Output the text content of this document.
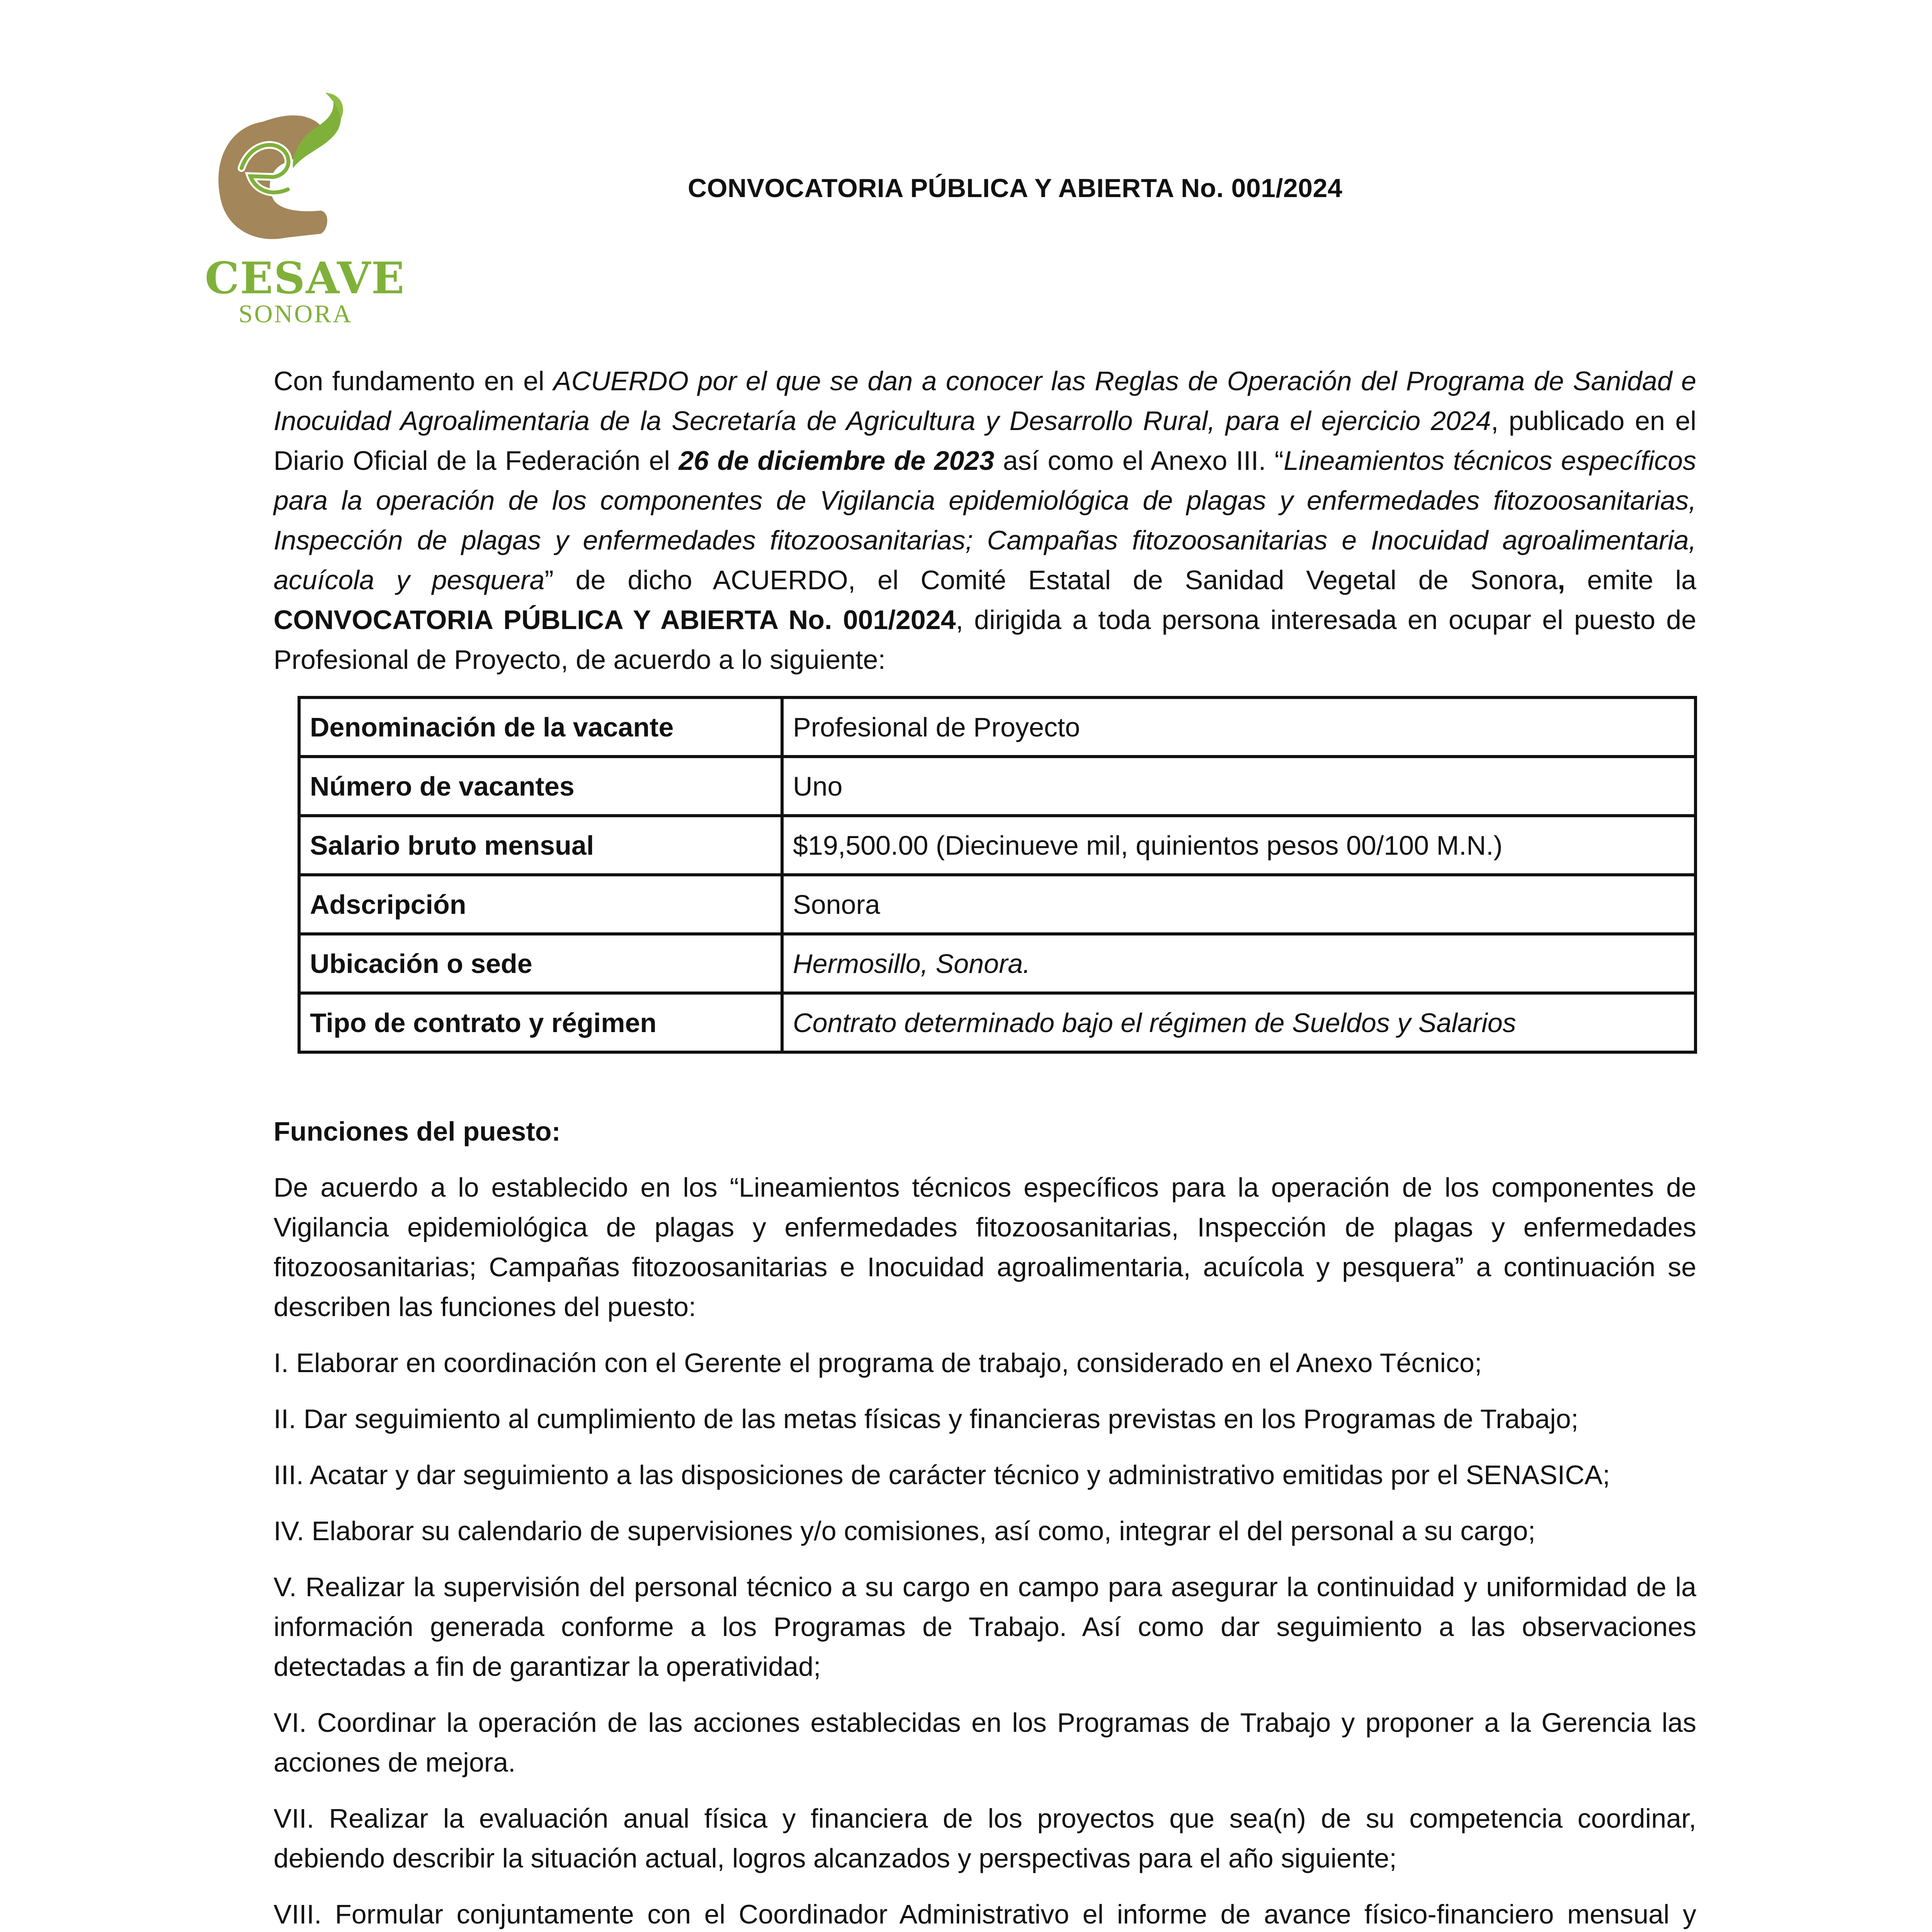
CESAVE
SONORA
CONVOCATORIA PÚBLICA Y ABIERTA No. 001/2024

Con fundamento en el ACUERDO por el que se dan a conocer las Reglas de Operación del Programa de Sanidad e Inocuidad Agroalimentaria de la Secretaría de Agricultura y Desarrollo Rural, para el ejercicio 2024, publicado en el Diario Oficial de la Federación el 26 de diciembre de 2023 así como el Anexo III. “Lineamientos técnicos específicos para la operación de los componentes de Vigilancia epidemiológica de plagas y enfermedades fitozoosanitarias, Inspección de plagas y enfermedades fitozoosanitarias; Campañas fitozoosanitarias e Inocuidad agroalimentaria, acuícola y pesquera” de dicho ACUERDO, el Comité Estatal de Sanidad Vegetal de Sonora, emite la CONVOCATORIA PÚBLICA Y ABIERTA No. 001/2024, dirigida a toda persona interesada en ocupar el puesto de Profesional de Proyecto, de acuerdo a lo siguiente:

Denominación de la vacante	Profesional de Proyecto
Número de vacantes	Uno
Salario bruto mensual	$19,500.00 (Diecinueve mil, quinientos pesos 00/100 M.N.)
Adscripción	Sonora
Ubicación o sede	Hermosillo, Sonora.
Tipo de contrato y régimen	Contrato determinado bajo el régimen de Sueldos y Salarios
Funciones del puesto:

De acuerdo a lo establecido en los “Lineamientos técnicos específicos para la operación de los componentes de Vigilancia epidemiológica de plagas y enfermedades fitozoosanitarias, Inspección de plagas y enfermedades fitozoosanitarias; Campañas fitozoosanitarias e Inocuidad agroalimentaria, acuícola y pesquera” a continuación se describen las funciones del puesto:

I. Elaborar en coordinación con el Gerente el programa de trabajo, considerado en el Anexo Técnico;

II. Dar seguimiento al cumplimiento de las metas físicas y financieras previstas en los Programas de Trabajo;

III. Acatar y dar seguimiento a las disposiciones de carácter técnico y administrativo emitidas por el SENASICA;

IV. Elaborar su calendario de supervisiones y/o comisiones, así como, integrar el del personal a su cargo;

V. Realizar la supervisión del personal técnico a su cargo en campo para asegurar la continuidad y uniformidad de la información generada conforme a los Programas de Trabajo. Así como dar seguimiento a las observaciones detectadas a fin de garantizar la operatividad;

VI. Coordinar la operación de las acciones establecidas en los Programas de Trabajo y proponer a la Gerencia las acciones de mejora.

VII. Realizar la evaluación anual física y financiera de los proyectos que sea(n) de su competencia coordinar, debiendo describir la situación actual, logros alcanzados y perspectivas para el año siguiente;

VIII. Formular conjuntamente con el Coordinador Administrativo el informe de avance físico-financiero mensual y
